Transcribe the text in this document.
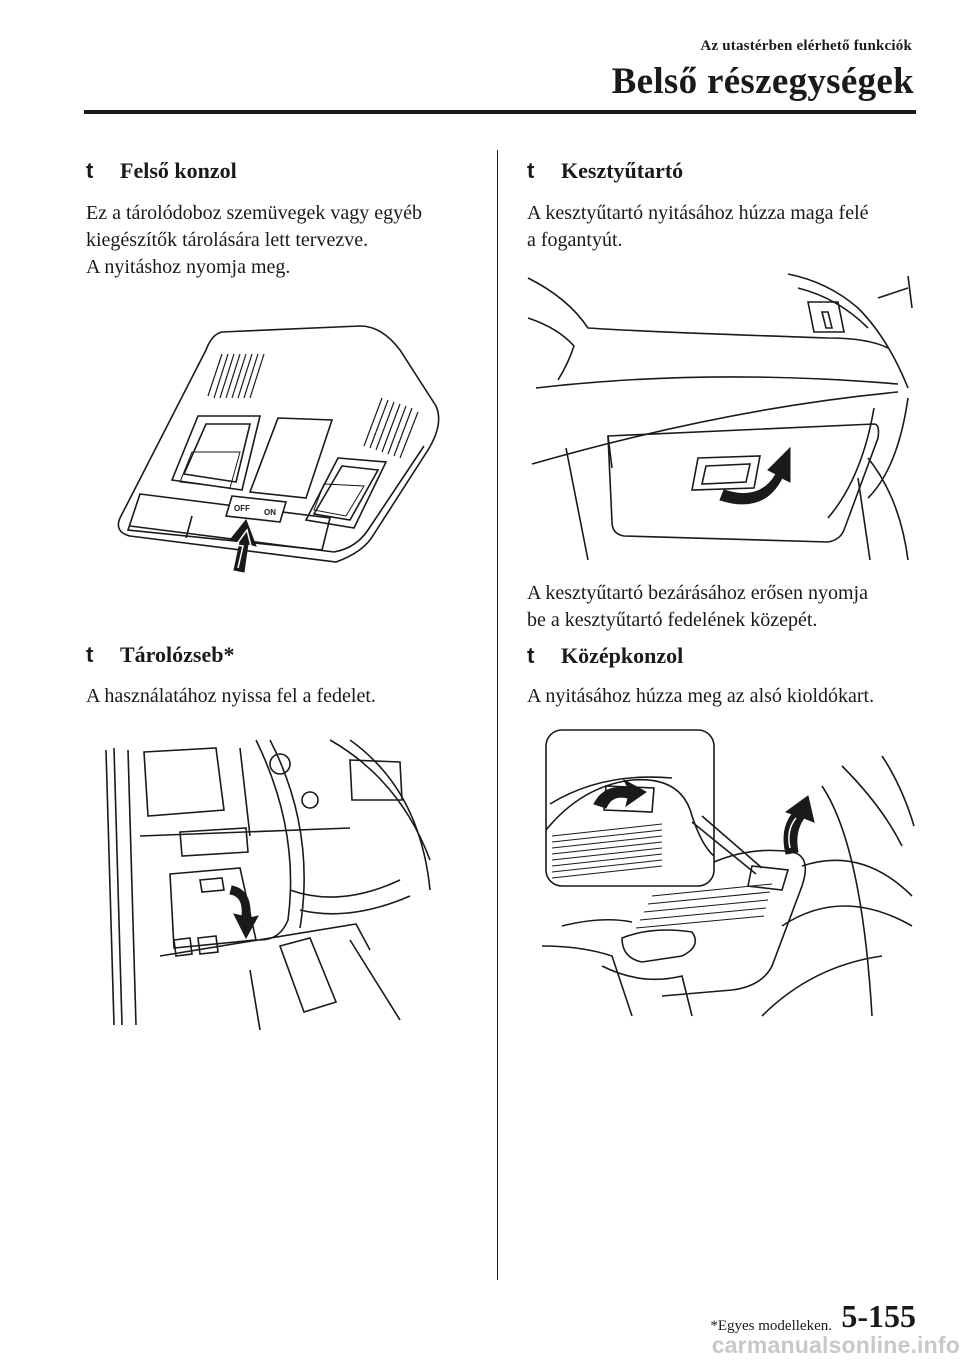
Az utastérben elérhető funkciók
Belső részegységek
t Felső konzol
Ez a tárolódoboz szemüvegek vagy egyéb
kiegészítők tárolására lett tervezve.
A nyitáshoz nyomja meg.
OFF ON
t Tárolózseb*
A használatához nyissa fel a fedelet.
t Kesztyűtartó
A kesztyűtartó nyitásához húzza maga felé
a fogantyút.
A kesztyűtartó bezárásához erősen nyomja
be a kesztyűtartó fedelének közepét.
t Középkonzol
A nyitásához húzza meg az alsó kioldókart.
*Egyes modelleken. 5-155
carmanualsonline.info
